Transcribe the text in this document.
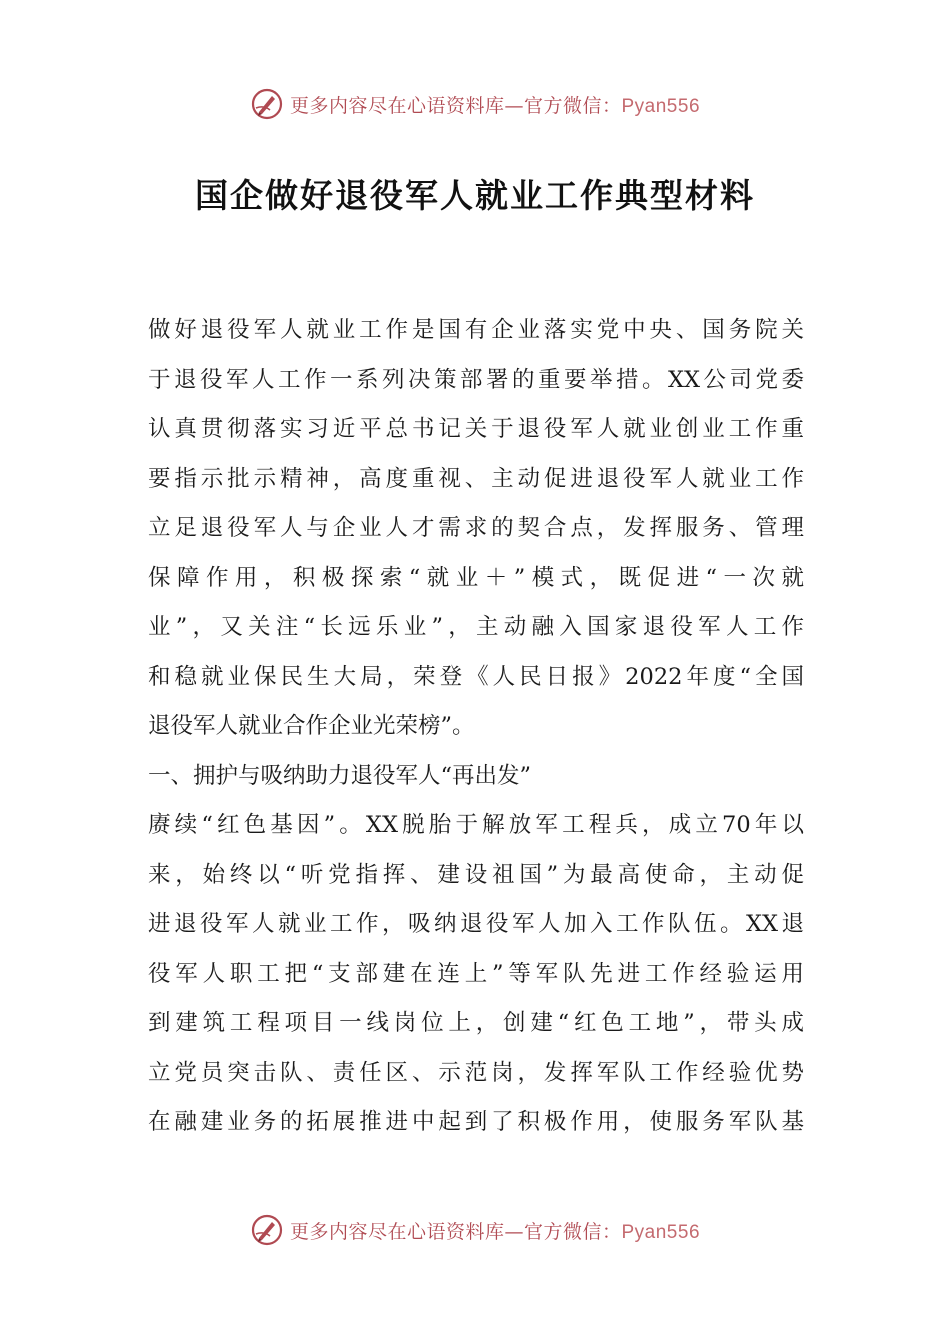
更多内容尽在心语资料库—官方微信：Pyan556
国企做好退役军人就业工作典型材料
做好退役军人就业工作是国有企业落实党中央、国务院关
于退役军人工作一系列决策部署的重要举措。XX公司党委
认真贯彻落实习近平总书记关于退役军人就业创业工作重
要指示批示精神，高度重视、主动促进退役军人就业工作
立足退役军人与企业人才需求的契合点，发挥服务、管理
保障作用，积极探索“就业＋”模式，既促进“一次就
业”，又关注“长远乐业”，主动融入国家退役军人工作
和稳就业保民生大局，荣登《人民日报》2022年度“全国
退役军人就业合作企业光荣榜”。
一、拥护与吸纳助力退役军人“再出发”
赓续“红色基因”。XX脱胎于解放军工程兵，成立70年以
来，始终以“听党指挥、建设祖国”为最高使命，主动促
进退役军人就业工作，吸纳退役军人加入工作队伍。XX退
役军人职工把“支部建在连上”等军队先进工作经验运用
到建筑工程项目一线岗位上，创建“红色工地”，带头成
立党员突击队、责任区、示范岗，发挥军队工作经验优势
在融建业务的拓展推进中起到了积极作用，使服务军队基
更多内容尽在心语资料库—官方微信：Pyan556
